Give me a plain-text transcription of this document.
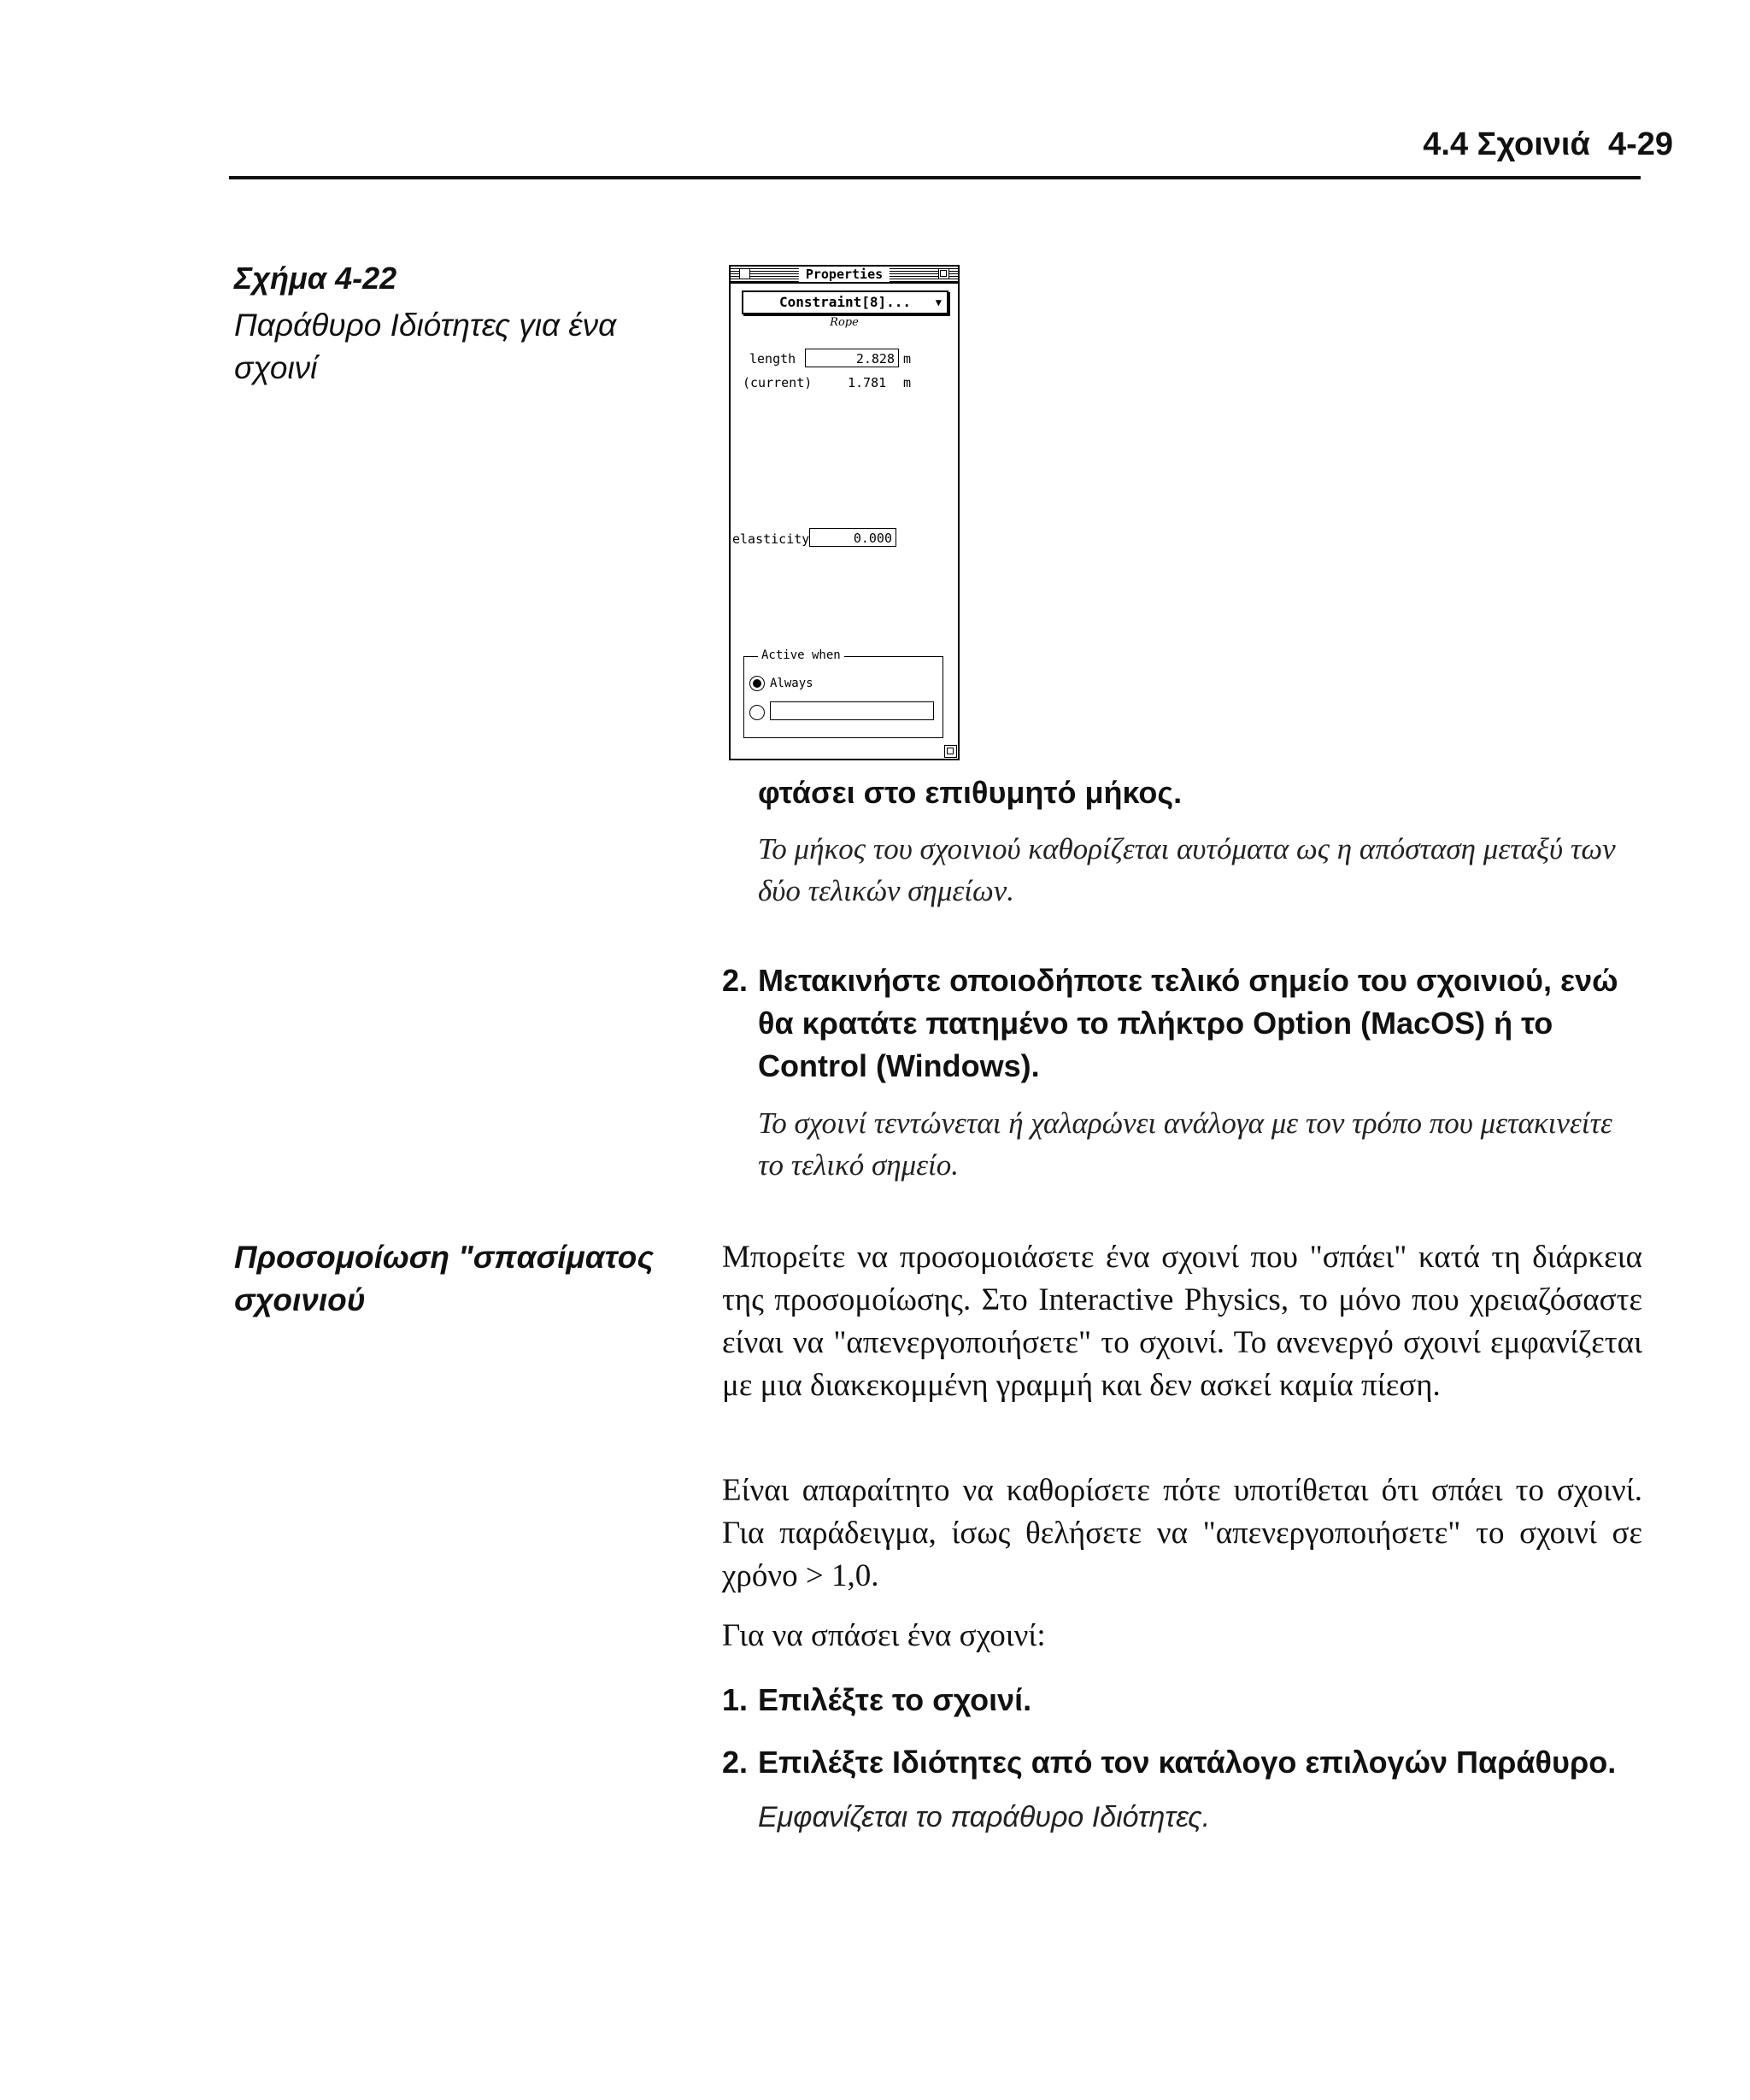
4.4 Σχοινιά 4-29
Σχήμα 4-22
Παράθυρο Ιδιότητες για ένα σχοινί
Properties
Constraint[8]... ▼
Rope
length	2.828 m
(current)	1.781 m
elasticity	0.000
Active when
Always
φτάσει στο επιθυμητό μήκος.
Το μήκος του σχοινιού καθορίζεται αυτόματα ως η απόσταση μεταξύ των δύο τελικών σημείων.
2. Μετακινήστε οποιοδήποτε τελικό σημείο του σχοινιού, ενώ θα κρατάτε πατημένο το πλήκτρο Option (MacOS) ή το Control (Windows).
Το σχοινί τεντώνεται ή χαλαρώνει ανάλογα με τον τρόπο που μετακινείτε το τελικό σημείο.
Προσομοίωση "σπασίματος σχοινιού
Μπορείτε να προσομοιάσετε ένα σχοινί που "σπάει" κατά τη διάρκεια της προσομοίωσης. Στο Interactive Physics, το μόνο που χρειαζόσαστε είναι να "απενεργοποιήσετε" το σχοινί. Το ανενεργό σχοινί εμφανίζεται με μια διακεκομμένη γραμμή και δεν ασκεί καμία πίεση.
Είναι απαραίτητο να καθορίσετε πότε υποτίθεται ότι σπάει το σχοινί. Για παράδειγμα, ίσως θελήσετε να "απενεργοποιήσετε" το σχοινί σε χρόνο > 1,0.
Για να σπάσει ένα σχοινί:
1. Επιλέξτε το σχοινί.
2. Επιλέξτε Ιδιότητες από τον κατάλογο επιλογών Παράθυρο.
Εμφανίζεται το παράθυρο Ιδιότητες.
